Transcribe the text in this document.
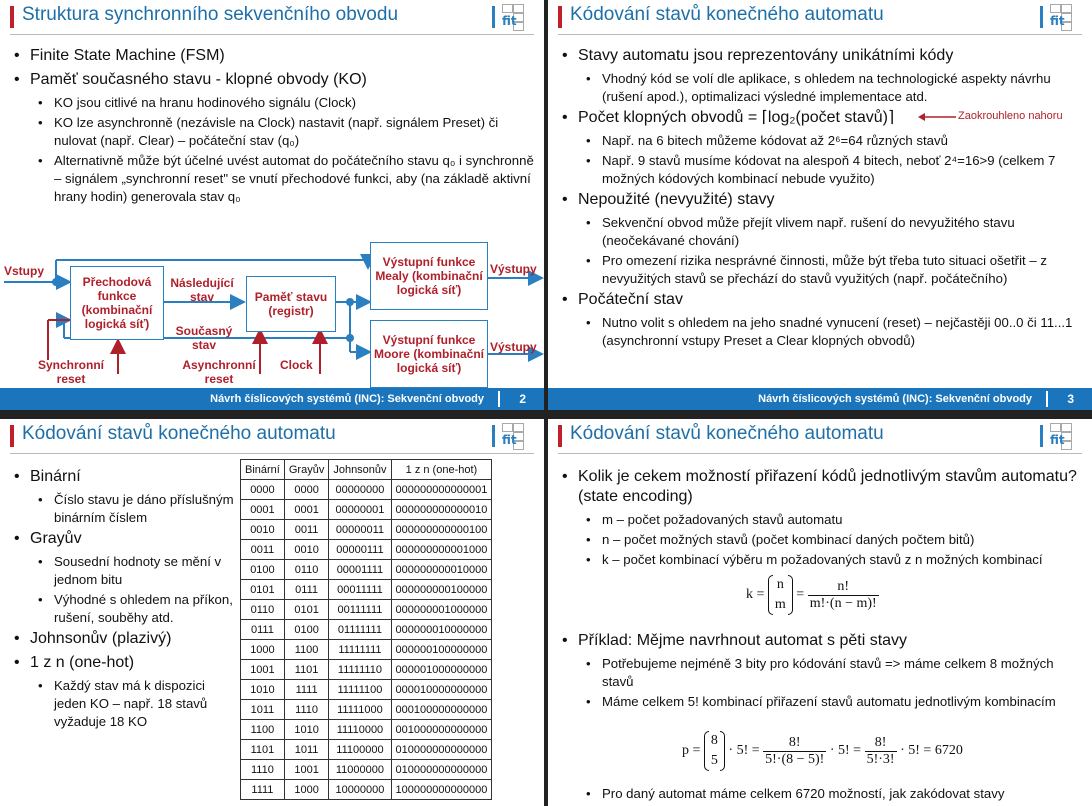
Struktura synchronního sekvenčního obvodu	fit
• Finite State Machine (FSM)
• Paměť současného stavu - klopné obvody (KO)
• KO jsou citlivé na hranu hodinového signálu (Clock)
• KO lze asynchronně (nezávisle na Clock) nastavit (např. signálem Preset) či nulovat (např. Clear) – počáteční stav (q₀)
• Alternativně může být účelné uvést automat do počátečního stavu q₀ i synchronně – signálem „synchronní reset" se vnutí přechodové funkci, aby (na základě aktivní hrany hodin) generovala stav q₀
Přechodová funkce (kombinační logická síť)
Paměť stavu (registr)
Výstupní funkce Mealy (kombinační logická síť)
Výstupní funkce Moore (kombinační logická síť)
Vstupy
Následující stav
Současný stav
Výstupy
Výstupy
Synchronní reset
Asynchronní reset
Clock
Návrh číslicových systémů (INC): Sekvenční obvody	2
Kódování stavů konečného automatu	fit
• Stavy automatu jsou reprezentovány unikátními kódy
• Vhodný kód se volí dle aplikace, s ohledem na technologické aspekty návrhu (rušení apod.), optimalizaci výsledné implementace atd.
• Počet klopných obvodů = ⌈log₂(počet stavů)⌉
• Např. na 6 bitech můžeme kódovat až 2⁶=64 různých stavů
• Např. 9 stavů musíme kódovat na alespoň 4 bitech, neboť 2⁴=16>9 (celkem 7 možných kódových kombinací nebude využito)
• Nepoužité (nevyužité) stavy
• Sekvenční obvod může přejít vlivem např. rušení do nevyužitého stavu (neočekávané chování)
• Pro omezení rizika nesprávné činnosti, může být třeba tuto situaci ošetřit – z nevyužitých stavů se přechází do stavů využitých (např. počátečního)
• Počáteční stav
• Nutno volit s ohledem na jeho snadné vynucení (reset) – nejčastěji 00..0 či 11...1 (asynchronní vstupy Preset a Clear klopných obvodů)
Zaokrouhleno nahoru
Návrh číslicových systémů (INC): Sekvenční obvody	3
Kódování stavů konečného automatu	fit
• Binární
• Číslo stavu je dáno příslušným binárním číslem
• Grayův
• Sousední hodnoty se mění v jednom bitu
• Výhodné s ohledem na příkon, rušení, souběhy atd.
• Johnsonův (plazivý)
• 1 z n (one-hot)
• Každý stav má k dispozici jeden KO – např. 18 stavů vyžaduje 18 KO
Binární	Grayův	Johnsonův	1 z n (one-hot)
0000	0000	00000000	000000000000001
0001	0001	00000001	000000000000010
0010	0011	00000011	000000000000100
0011	0010	00000111	000000000001000
0100	0110	00001111	000000000010000
0101	0111	00011111	000000000100000
0110	0101	00111111	000000001000000
0111	0100	01111111	000000010000000
1000	1100	11111111	000000100000000
1001	1101	11111110	000001000000000
1010	1111	11111100	000010000000000
1011	1110	11111000	000100000000000
1100	1010	11110000	001000000000000
1101	1011	11100000	010000000000000
1110	1001	11000000	010000000000000
1111	1000	10000000	100000000000000
Kódování stavů konečného automatu	fit
• Kolik je cekem možností přiřazení kódů jednotlivým stavům automatu? (state encoding)
• m – počet požadovaných stavů automatu
• n – počet možných stavů (počet kombinací daných počtem bitů)
• k – počet kombinací výběru m požadovaných stavů z n možných kombinací
k =
n
m
= $\frac{n!}{m!\cdot(n - m)!}$
• Příklad: Mějme navrhnout automat s pěti stavy
• Potřebujeme nejméně 3 bity pro kódování stavů => máme celkem 8 možných stavů
• Máme celkem 5! kombinací přiřazení stavů automatu jednotlivým kombinacím
p =
8
5
· 5! = $\frac{8!}{5!\cdot(8 - 5)!} \cdot 5$! = $\frac{8!}{5!\cdot 3!} \cdot 5$! = 6720
• Pro daný automat máme celkem 6720 možností, jak zakódovat stavy
